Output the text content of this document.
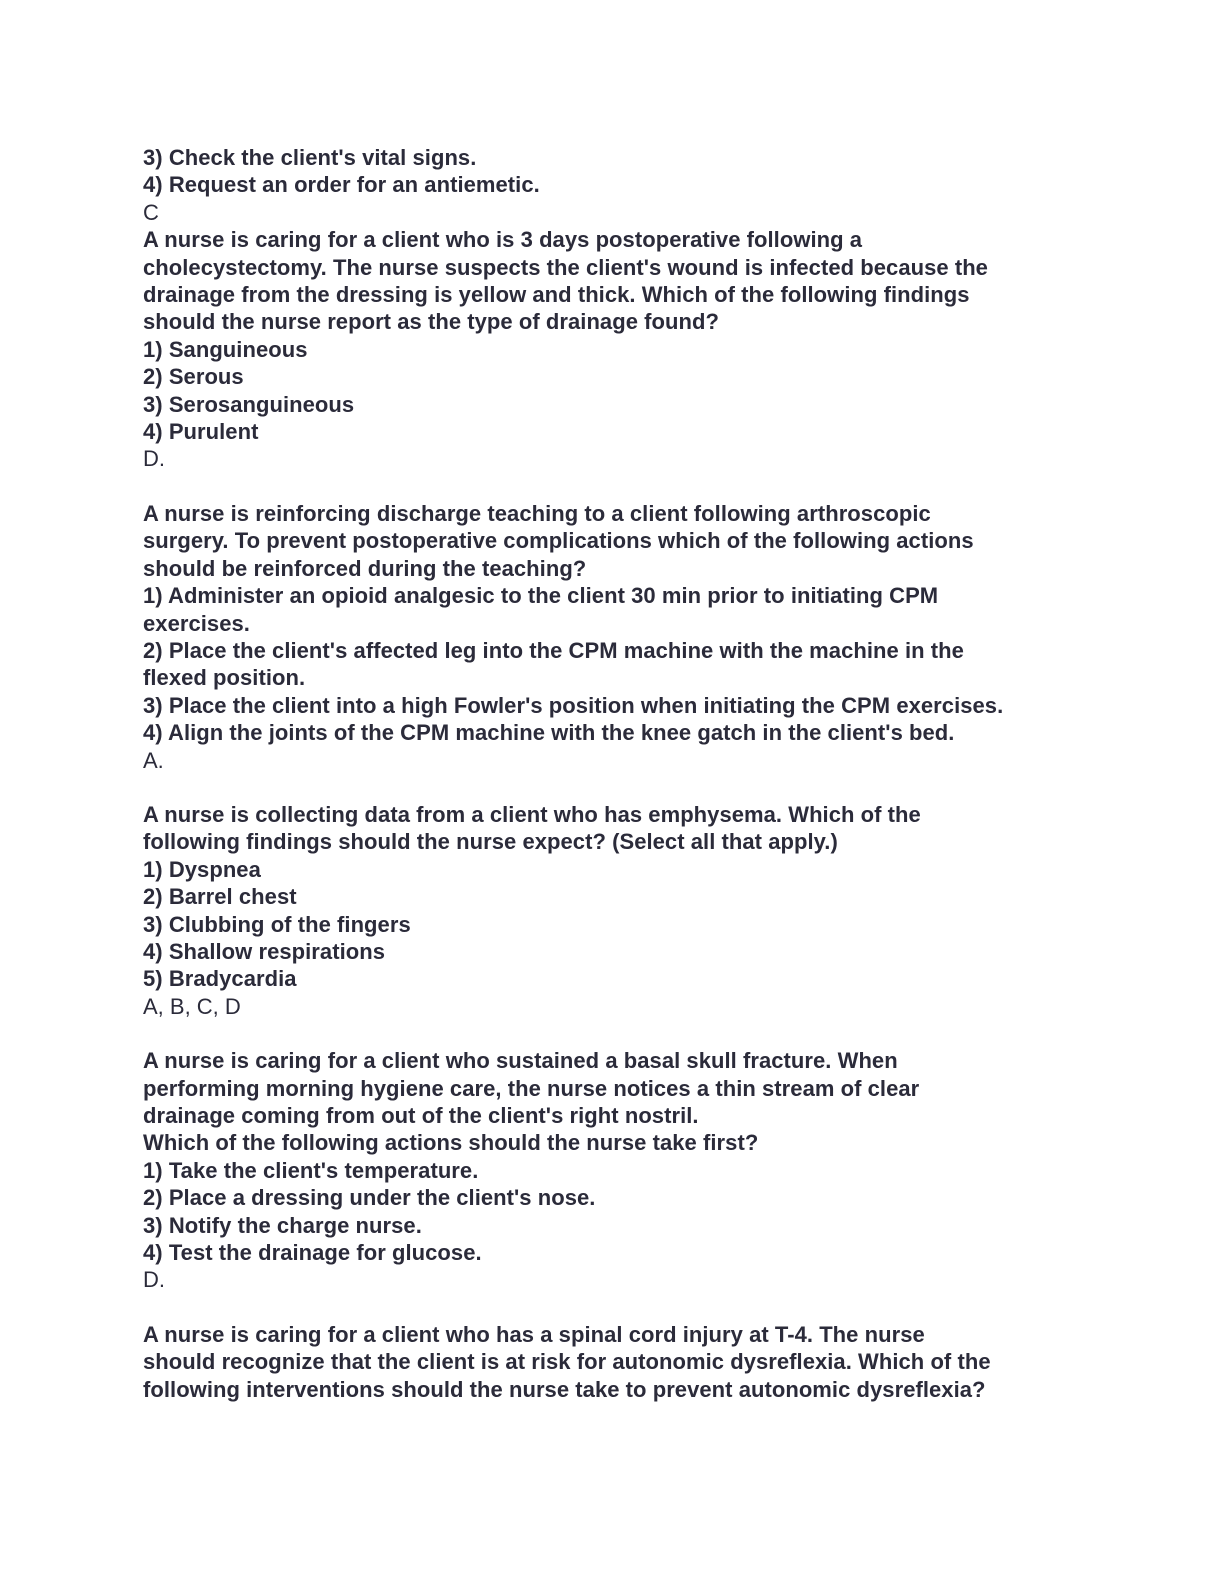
3) Check the client's vital signs.
4) Request an order for an antiemetic.
C
A nurse is caring for a client who is 3 days postoperative following a
cholecystectomy. The nurse suspects the client's wound is infected because the
drainage from the dressing is yellow and thick. Which of the following findings
should the nurse report as the type of drainage found?
1) Sanguineous
2) Serous
3) Serosanguineous
4) Purulent
D.
A nurse is reinforcing discharge teaching to a client following arthroscopic
surgery. To prevent postoperative complications which of the following actions
should be reinforced during the teaching?
1) Administer an opioid analgesic to the client 30 min prior to initiating CPM
exercises.
2) Place the client's affected leg into the CPM machine with the machine in the
flexed position.
3) Place the client into a high Fowler's position when initiating the CPM exercises.
4) Align the joints of the CPM machine with the knee gatch in the client's bed.
A.
A nurse is collecting data from a client who has emphysema. Which of the
following findings should the nurse expect? (Select all that apply.)
1) Dyspnea
2) Barrel chest
3) Clubbing of the fingers
4) Shallow respirations
5) Bradycardia
A, B, C, D
A nurse is caring for a client who sustained a basal skull fracture. When
performing morning hygiene care, the nurse notices a thin stream of clear
drainage coming from out of the client's right nostril.
Which of the following actions should the nurse take first?
1) Take the client's temperature.
2) Place a dressing under the client's nose.
3) Notify the charge nurse.
4) Test the drainage for glucose.
D.
A nurse is caring for a client who has a spinal cord injury at T-4. The nurse
should recognize that the client is at risk for autonomic dysreflexia. Which of the
following interventions should the nurse take to prevent autonomic dysreflexia?
